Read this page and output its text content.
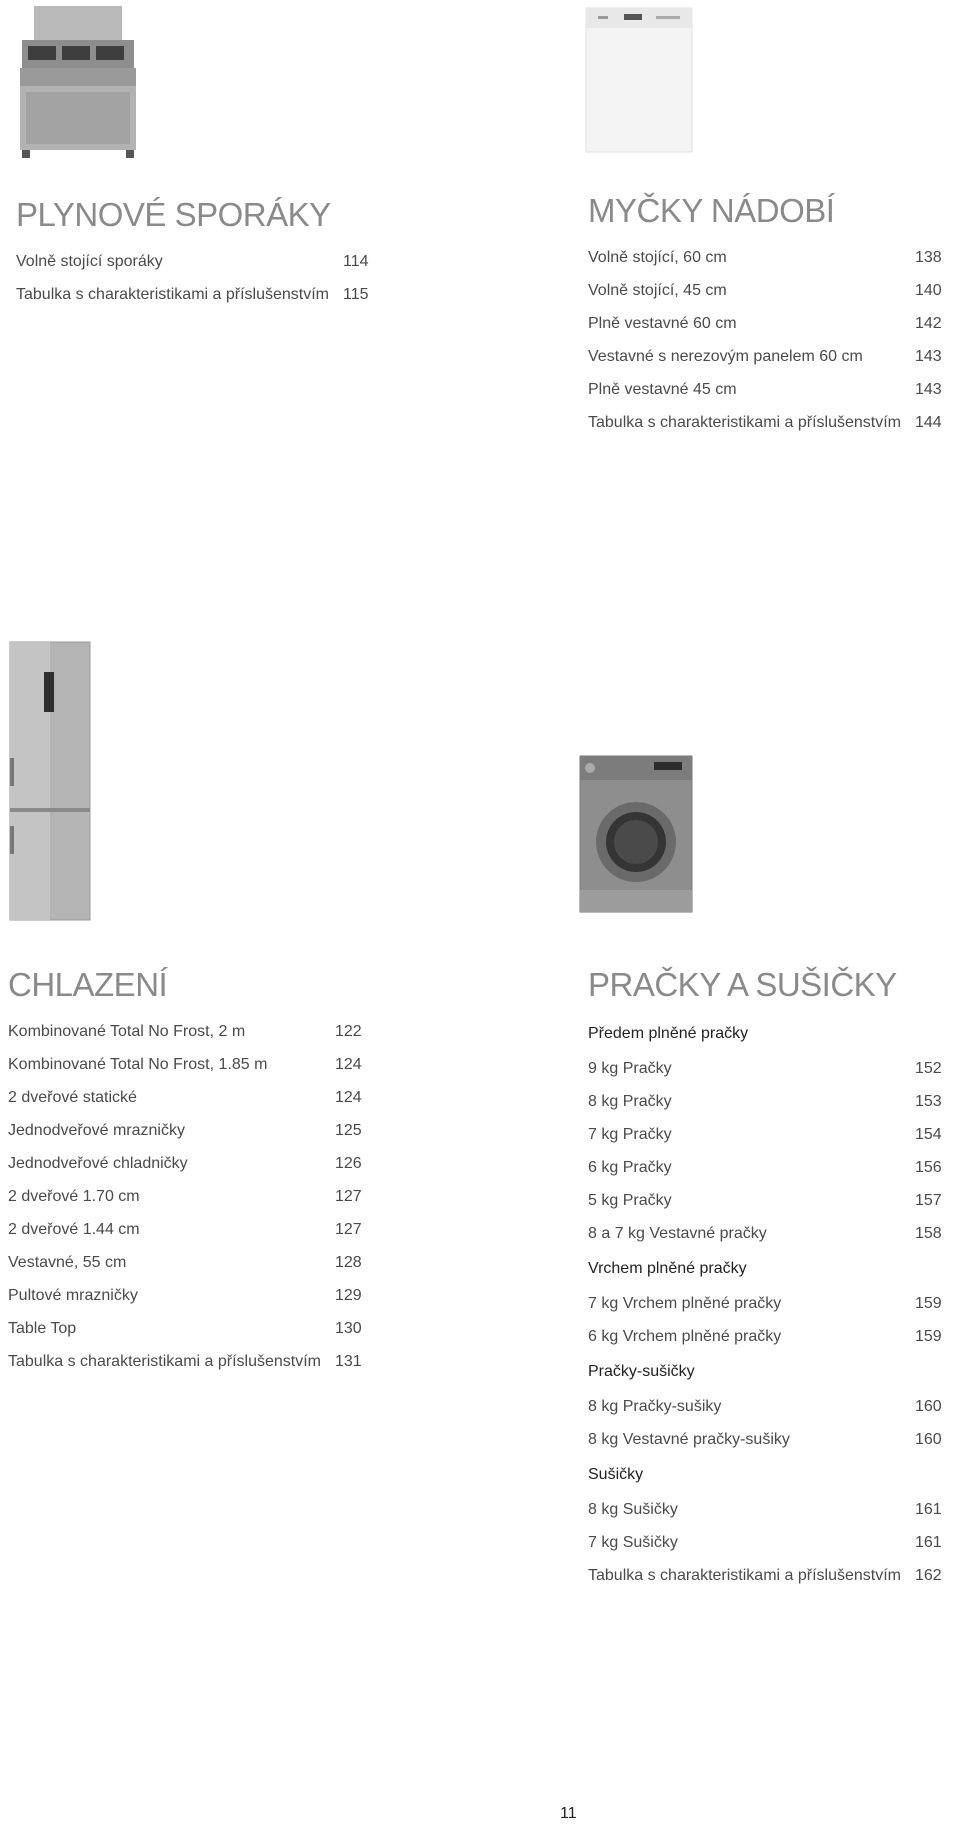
PLYNOVÉ SPORÁKY
Volně stojící sporáky	114
Tabulka s charakteristikami a příslušenstvím	115
MYČKY NÁDOBÍ
Volně stojící, 60 cm	138
Volně stojící, 45 cm	140
Plně vestavné 60 cm	142
Vestavné s nerezovým panelem 60 cm	143
Plně vestavné 45 cm	143
Tabulka s charakteristikami a příslušenstvím	144
CHLAZENÍ
Kombinované Total No Frost, 2 m	122
Kombinované Total No Frost, 1.85 m	124
2 dveřové statické	124
Jednodveřové mrazničky	125
Jednodveřové chladničky	126
2 dveřové 1.70 cm	127
2 dveřové 1.44 cm	127
Vestavné, 55 cm	128
Pultové mrazničky	129
Table Top	130
Tabulka s charakteristikami a příslušenstvím	131
PRAČKY A SUŠIČKY
Předem plněné pračky	
9 kg Pračky	152
8 kg Pračky	153
7 kg Pračky	154
6 kg Pračky	156
5 kg Pračky	157
8 a 7 kg Vestavné pračky	158
Vrchem plněné pračky	
7 kg Vrchem plněné pračky	159
6 kg Vrchem plněné pračky	159
Pračky-sušičky	
8 kg Pračky-sušiky	160
8 kg Vestavné pračky-sušiky	160
Sušičky	
8 kg Sušičky	161
7 kg Sušičky	161
Tabulka s charakteristikami a příslušenstvím	162
11
